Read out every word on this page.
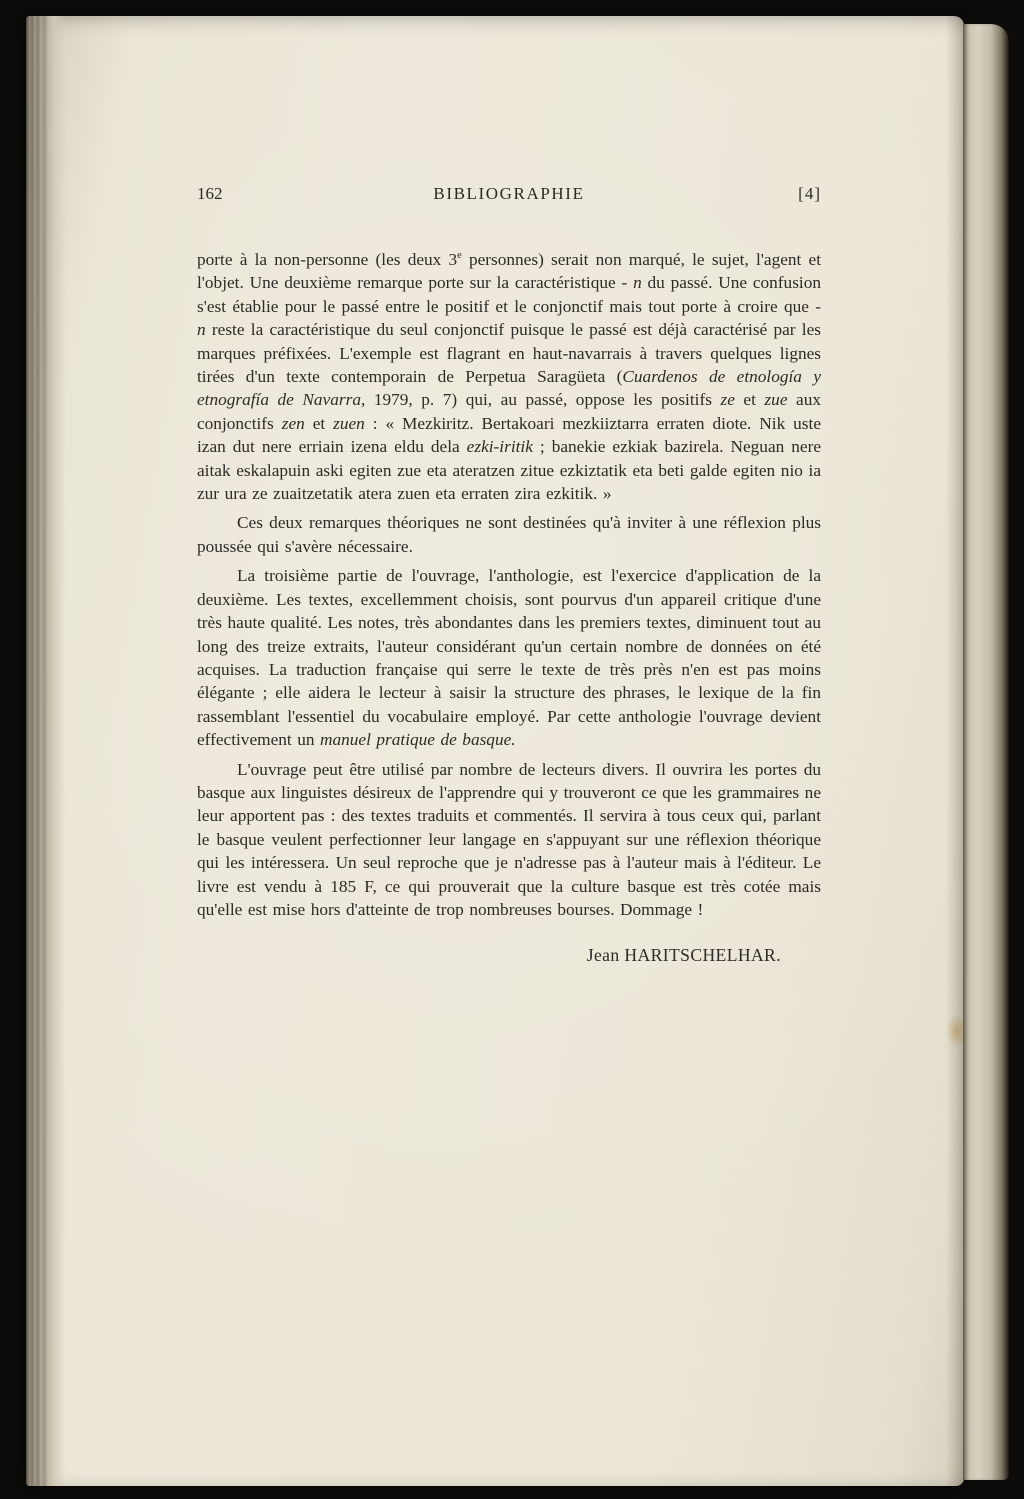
162	BIBLIOGRAPHIE	[4]

porte à la non-personne (les deux 3e personnes) serait non marqué, le sujet, l'agent et l'objet. Une deuxième remarque porte sur la caractéristique - n du passé. Une confusion s'est établie pour le passé entre le positif et le conjonctif mais tout porte à croire que - n reste la caractéristique du seul conjonctif puisque le passé est déjà caractérisé par les marques préfixées. L'exemple est flagrant en haut-navarrais à travers quelques lignes tirées d'un texte contemporain de Perpetua Saragüeta (Cuardenos de etnología y etnografía de Navarra, 1979, p. 7) qui, au passé, oppose les positifs ze et zue aux conjonctifs zen et zuen : « Mezkiritz. Bertakoari mezkiiztarra erraten diote. Nik uste izan dut nere erriain izena eldu dela ezki-iritik ; banekie ezkiak bazirela. Neguan nere aitak eskalapuin aski egiten zue eta ateratzen zitue ezkiztatik eta beti galde egiten nio ia zur ura ze zuaitzetatik atera zuen eta erraten zira ezkitik. »

Ces deux remarques théoriques ne sont destinées qu'à inviter à une réflexion plus poussée qui s'avère nécessaire.

La troisième partie de l'ouvrage, l'anthologie, est l'exercice d'application de la deuxième. Les textes, excellemment choisis, sont pourvus d'un appareil critique d'une très haute qualité. Les notes, très abondantes dans les premiers textes, diminuent tout au long des treize extraits, l'auteur considérant qu'un certain nombre de données on été acquises. La traduction française qui serre le texte de très près n'en est pas moins élégante ; elle aidera le lecteur à saisir la structure des phrases, le lexique de la fin rassemblant l'essentiel du vocabulaire employé. Par cette anthologie l'ouvrage devient effectivement un manuel pratique de basque.

L'ouvrage peut être utilisé par nombre de lecteurs divers. Il ouvrira les portes du basque aux linguistes désireux de l'apprendre qui y trouveront ce que les grammaires ne leur apportent pas : des textes traduits et commentés. Il servira à tous ceux qui, parlant le basque veulent perfectionner leur langage en s'appuyant sur une réflexion théorique qui les intéressera. Un seul reproche que je n'adresse pas à l'auteur mais à l'éditeur. Le livre est vendu à 185 F, ce qui prouverait que la culture basque est très cotée mais qu'elle est mise hors d'atteinte de trop nombreuses bourses. Dommage !

Jean HARITSCHELHAR.
